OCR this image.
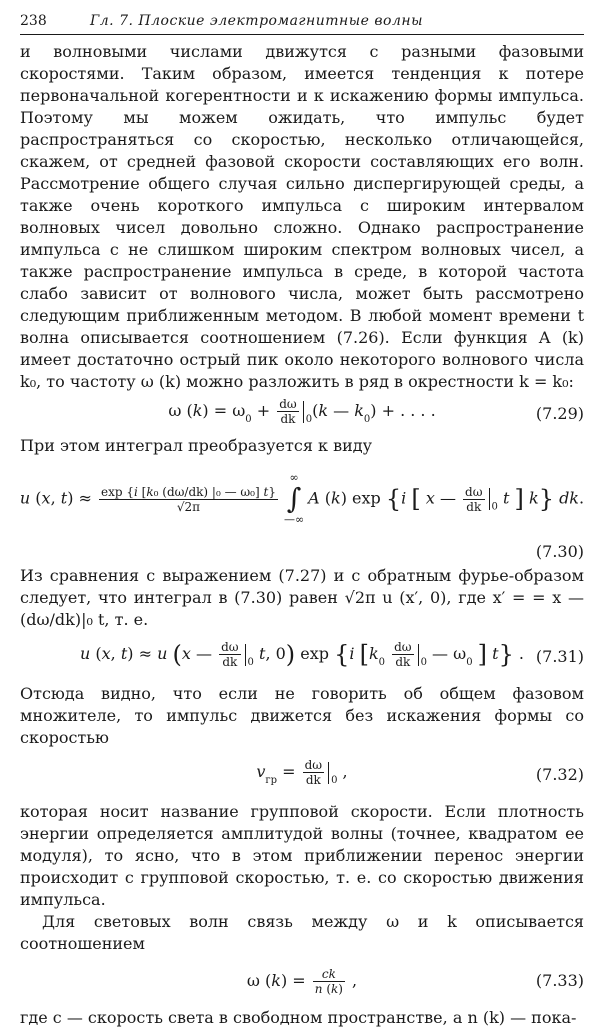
238	Гл. 7. Плоские электромагнитные волны

и волновыми числами движутся с разными фазовыми скоростями. Таким образом, имеется тенденция к потере первоначальной когерентности и к искажению формы импульса. Поэтому мы можем ожидать, что импульс будет распространяться со скоростью, несколько отличающейся, скажем, от средней фазовой скорости составляющих его волн. Рассмотрение общего случая сильно диспергирующей среды, а также очень короткого импульса с широким интервалом волновых чисел довольно сложно. Однако распространение импульса с не слишком широким спектром волновых чисел, а также распространение импульса в среде, в которой частота слабо зависит от волнового числа, может быть рассмотрено следующим приближенным методом. В любой момент времени t волна описывается соотношением (7.26). Если функция A (k) имеет достаточно острый пик около некоторого волнового числа k₀, то частоту ω (k) можно разложить в ряд в окрестности k = k₀:

ω $(k) = \omega_0 + \frac{d\omega}{dk} _0(k$ — $k_0$) + . . . .	(7.29)

При этом интеграл преобразуется к виду

u (x, $t) \approx \frac{\text{exp \{i [k₀ (dω/dk) |₀ — ω₀] t\}}}{√2\pi}$
∞
∫
—∞
A (k) exp {i [ x — $\frac{d\omega}{dk} _0$ t ] k} dk.
(7.30)

Из сравнения с выражением (7.27) и с обратным фурье-образом следует, что интеграл в (7.30) равен √2π u (x′, 0), где x′ = = x — (dω/dk)|₀ t, т. е.

u (x, t) ≈ u (x — $\frac{d\omega}{dk} _0$ t, 0) exp {i [$k_0 \frac{d\omega}{dk} _0$ — $\omega_0$ ] t} . (7.31)

Отсюда видно, что если не говорить об общем фазовом множителе, то импульс движется без искажения формы со скоростью

$v_{гр} = \frac{d\omega}{dk} _0$ ,	(7.32)

которая носит название групповой скорости. Если плотность энергии определяется амплитудой волны (точнее, квадратом ее модуля), то ясно, что в этом приближении перенос энергии происходит с групповой скоростью, т. е. со скоростью движения импульса.

Для световых волн связь между ω и k описывается соотношением

ω $(k) = \frac{ck}{n (k)}$ ,	(7.33)

где c — скорость света в свободном пространстве, а n (k) — пока-
